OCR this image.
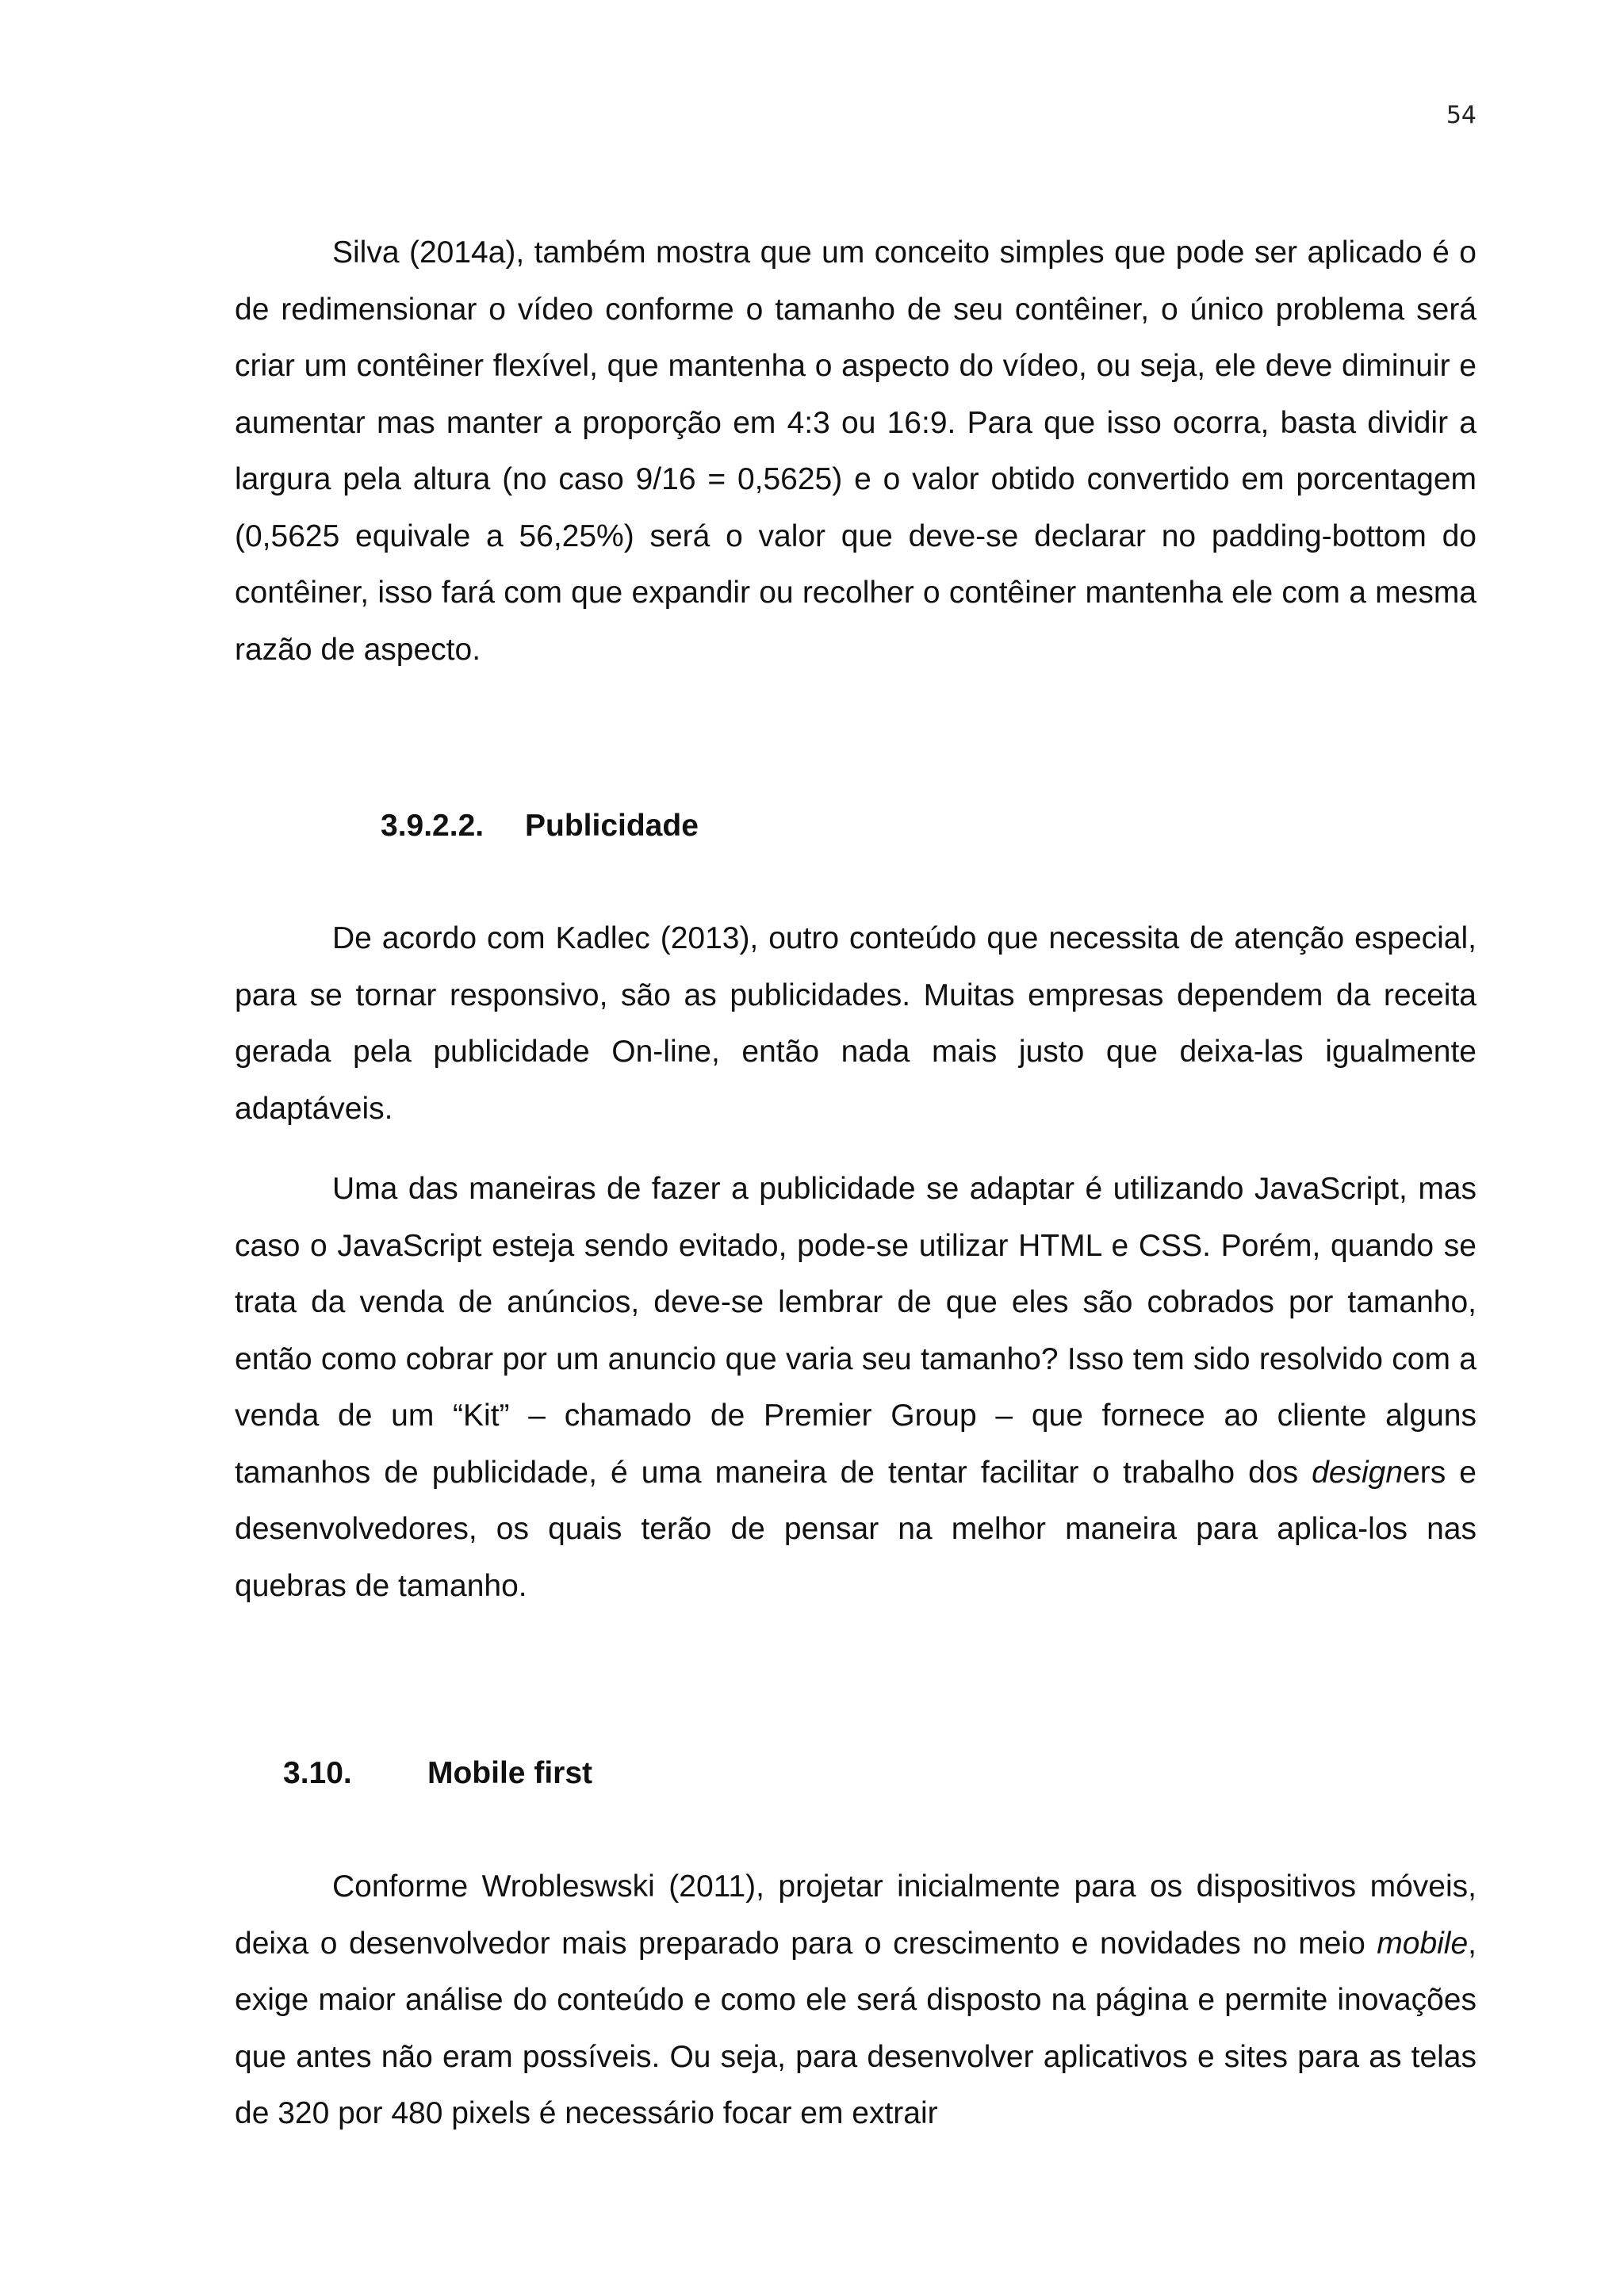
54

Silva (2014a), também mostra que um conceito simples que pode ser aplicado é o de redimensionar o vídeo conforme o tamanho de seu contêiner, o único problema será criar um contêiner flexível, que mantenha o aspecto do vídeo, ou seja, ele deve diminuir e aumentar mas manter a proporção em 4:3 ou 16:9. Para que isso ocorra, basta dividir a largura pela altura (no caso 9/16 = 0,5625) e o valor obtido convertido em porcentagem (0,5625 equivale a 56,25%) será o valor que deve-se declarar no padding-bottom do contêiner, isso fará com que expandir ou recolher o contêiner mantenha ele com a mesma razão de aspecto.

3.9.2.2. Publicidade

De acordo com Kadlec (2013), outro conteúdo que necessita de atenção especial, para se tornar responsivo, são as publicidades. Muitas empresas dependem da receita gerada pela publicidade On-line, então nada mais justo que deixa-las igualmente adaptáveis.

Uma das maneiras de fazer a publicidade se adaptar é utilizando JavaScript, mas caso o JavaScript esteja sendo evitado, pode-se utilizar HTML e CSS. Porém, quando se trata da venda de anúncios, deve-se lembrar de que eles são cobrados por tamanho, então como cobrar por um anuncio que varia seu tamanho? Isso tem sido resolvido com a venda de um “Kit” – chamado de Premier Group – que fornece ao cliente alguns tamanhos de publicidade, é uma maneira de tentar facilitar o trabalho dos designers e desenvolvedores, os quais terão de pensar na melhor maneira para aplica-los nas quebras de tamanho.

3.10. Mobile first

Conforme Wrobleswski (2011), projetar inicialmente para os dispositivos móveis, deixa o desenvolvedor mais preparado para o crescimento e novidades no meio mobile, exige maior análise do conteúdo e como ele será disposto na página e permite inovações que antes não eram possíveis. Ou seja, para desenvolver aplicativos e sites para as telas de 320 por 480 pixels é necessário focar em extrair
